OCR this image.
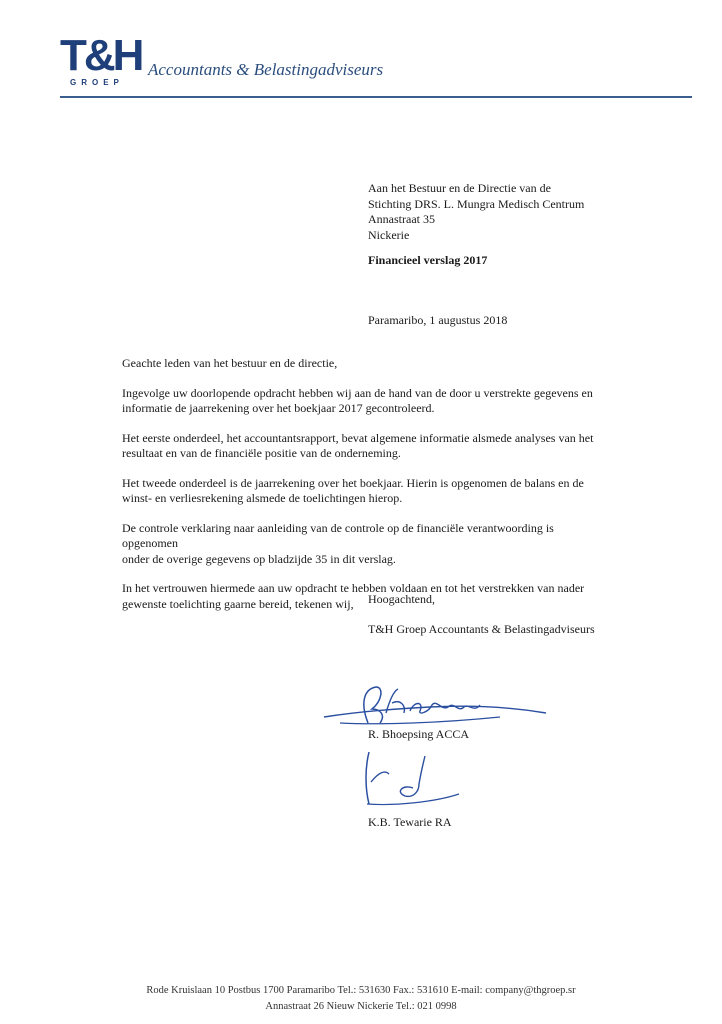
T&H
GROEP
Accountants & Belastingadviseurs
Aan het Bestuur en de Directie van de
Stichting DRS. L. Mungra Medisch Centrum
Annastraat 35
Nickerie
Financieel verslag 2017
Paramaribo, 1 augustus 2018

Geachte leden van het bestuur en de directie,

Ingevolge uw doorlopende opdracht hebben wij aan de hand van de door u verstrekte gegevens en
informatie de jaarrekening over het boekjaar 2017 gecontroleerd.

Het eerste onderdeel, het accountantsrapport, bevat algemene informatie alsmede analyses van het
resultaat en van de financiële positie van de onderneming.

Het tweede onderdeel is de jaarrekening over het boekjaar. Hierin is opgenomen de balans en de
winst- en verliesrekening alsmede de toelichtingen hierop.

De controle verklaring naar aanleiding van de controle op de financiële verantwoording is opgenomen
onder de overige gegevens op bladzijde 35 in dit verslag.

In het vertrouwen hiermede aan uw opdracht te hebben voldaan en tot het verstrekken van nader
gewenste toelichting gaarne bereid, tekenen wij,	Hoogachtend,
T&H Groep Accountants & Belastingadviseurs
R. Bhoepsing ACCA
K.B. Tewarie RA
Rode Kruislaan 10 Postbus 1700 Paramaribo Tel.: 531630 Fax.: 531610 E-mail: company@thgroep.sr
Annastraat 26 Nieuw Nickerie Tel.: 021 0998
